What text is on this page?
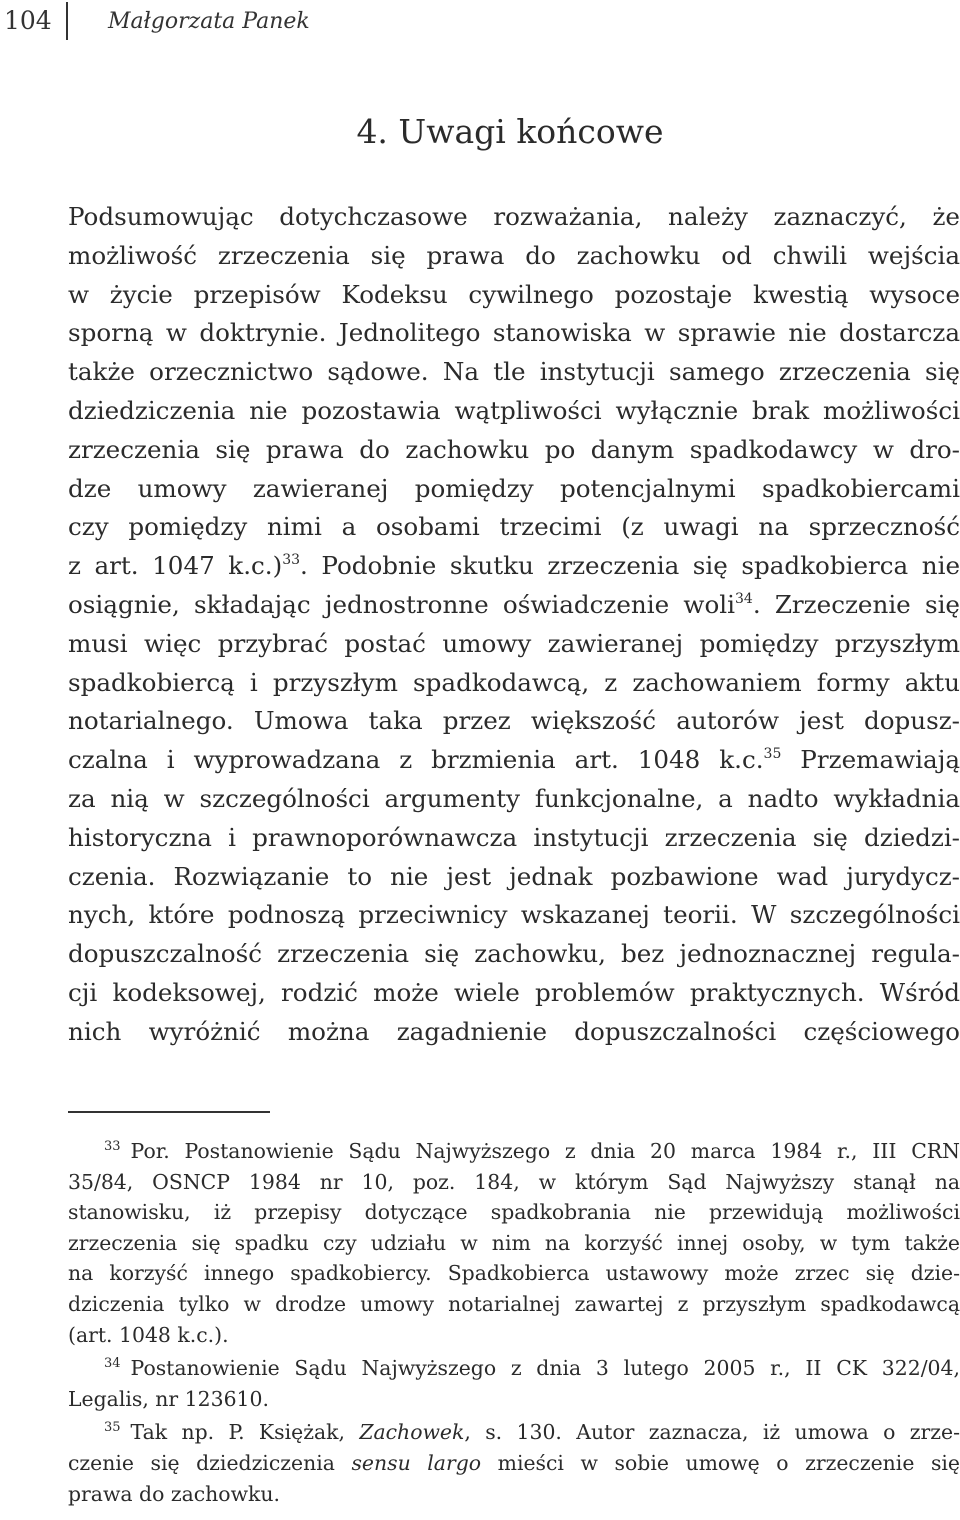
104	Małgorzata Panek
4. Uwagi końcowe
Podsumowując dotychczasowe rozważania, należy zaznaczyć, że
możliwość zrzeczenia się prawa do zachowku od chwili wejścia
w życie przepisów Kodeksu cywilnego pozostaje kwestią wysoce
sporną w doktrynie. Jednolitego stanowiska w sprawie nie dostarcza
także orzecznictwo sądowe. Na tle instytucji samego zrzeczenia się
dziedziczenia nie pozostawia wątpliwości wyłącznie brak możliwości
zrzeczenia się prawa do zachowku po danym spadkodawcy w dro-
dze umowy zawieranej pomiędzy potencjalnymi spadkobiercami
czy pomiędzy nimi a osobami trzecimi (z uwagi na sprzeczność
z art. 1047 k.c.)$^{33}$. Podobnie skutku zrzeczenia się spadkobierca nie
osiągnie, składając jednostronne oświadczenie woli$^{34}$. Zrzeczenie się
musi więc przybrać postać umowy zawieranej pomiędzy przyszłym
spadkobiercą i przyszłym spadkodawcą, z zachowaniem formy aktu
notarialnego. Umowa taka przez większość autorów jest dopusz-
czalna i wyprowadzana z brzmienia art. 1048 k.c.$^{35}$ Przemawiają
za nią w szczególności argumenty funkcjonalne, a nadto wykładnia
historyczna i prawnoporównawcza instytucji zrzeczenia się dziedzi-
czenia. Rozwiązanie to nie jest jednak pozbawione wad jurydycz-
nych, które podnoszą przeciwnicy wskazanej teorii. W szczególności
dopuszczalność zrzeczenia się zachowku, bez jednoznacznej regula-
cji kodeksowej, rodzić może wiele problemów praktycznych. Wśród
nich wyróżnić można zagadnienie dopuszczalności częściowego
$^{33}$ Por. Postanowienie Sądu Najwyższego z dnia 20 marca 1984 r., III CRN
35/84, OSNCP 1984 nr 10, poz. 184, w którym Sąd Najwyższy stanął na
stanowisku, iż przepisy dotyczące spadkobrania nie przewidują możliwości
zrzeczenia się spadku czy udziału w nim na korzyść innej osoby, w tym także
na korzyść innego spadkobiercy. Spadkobierca ustawowy może zrzec się dzie-
dziczenia tylko w drodze umowy notarialnej zawartej z przyszłym spadkodawcą
(art. 1048 k.c.).
$^{34}$ Postanowienie Sądu Najwyższego z dnia 3 lutego 2005 r., II CK 322/04,
Legalis, nr 123610.
$^{35}$ Tak np. P. Księżak, Zachowek, s. 130. Autor zaznacza, iż umowa o zrze-
czenie się dziedziczenia sensu largo mieści w sobie umowę o zrzeczenie się
prawa do zachowku.
